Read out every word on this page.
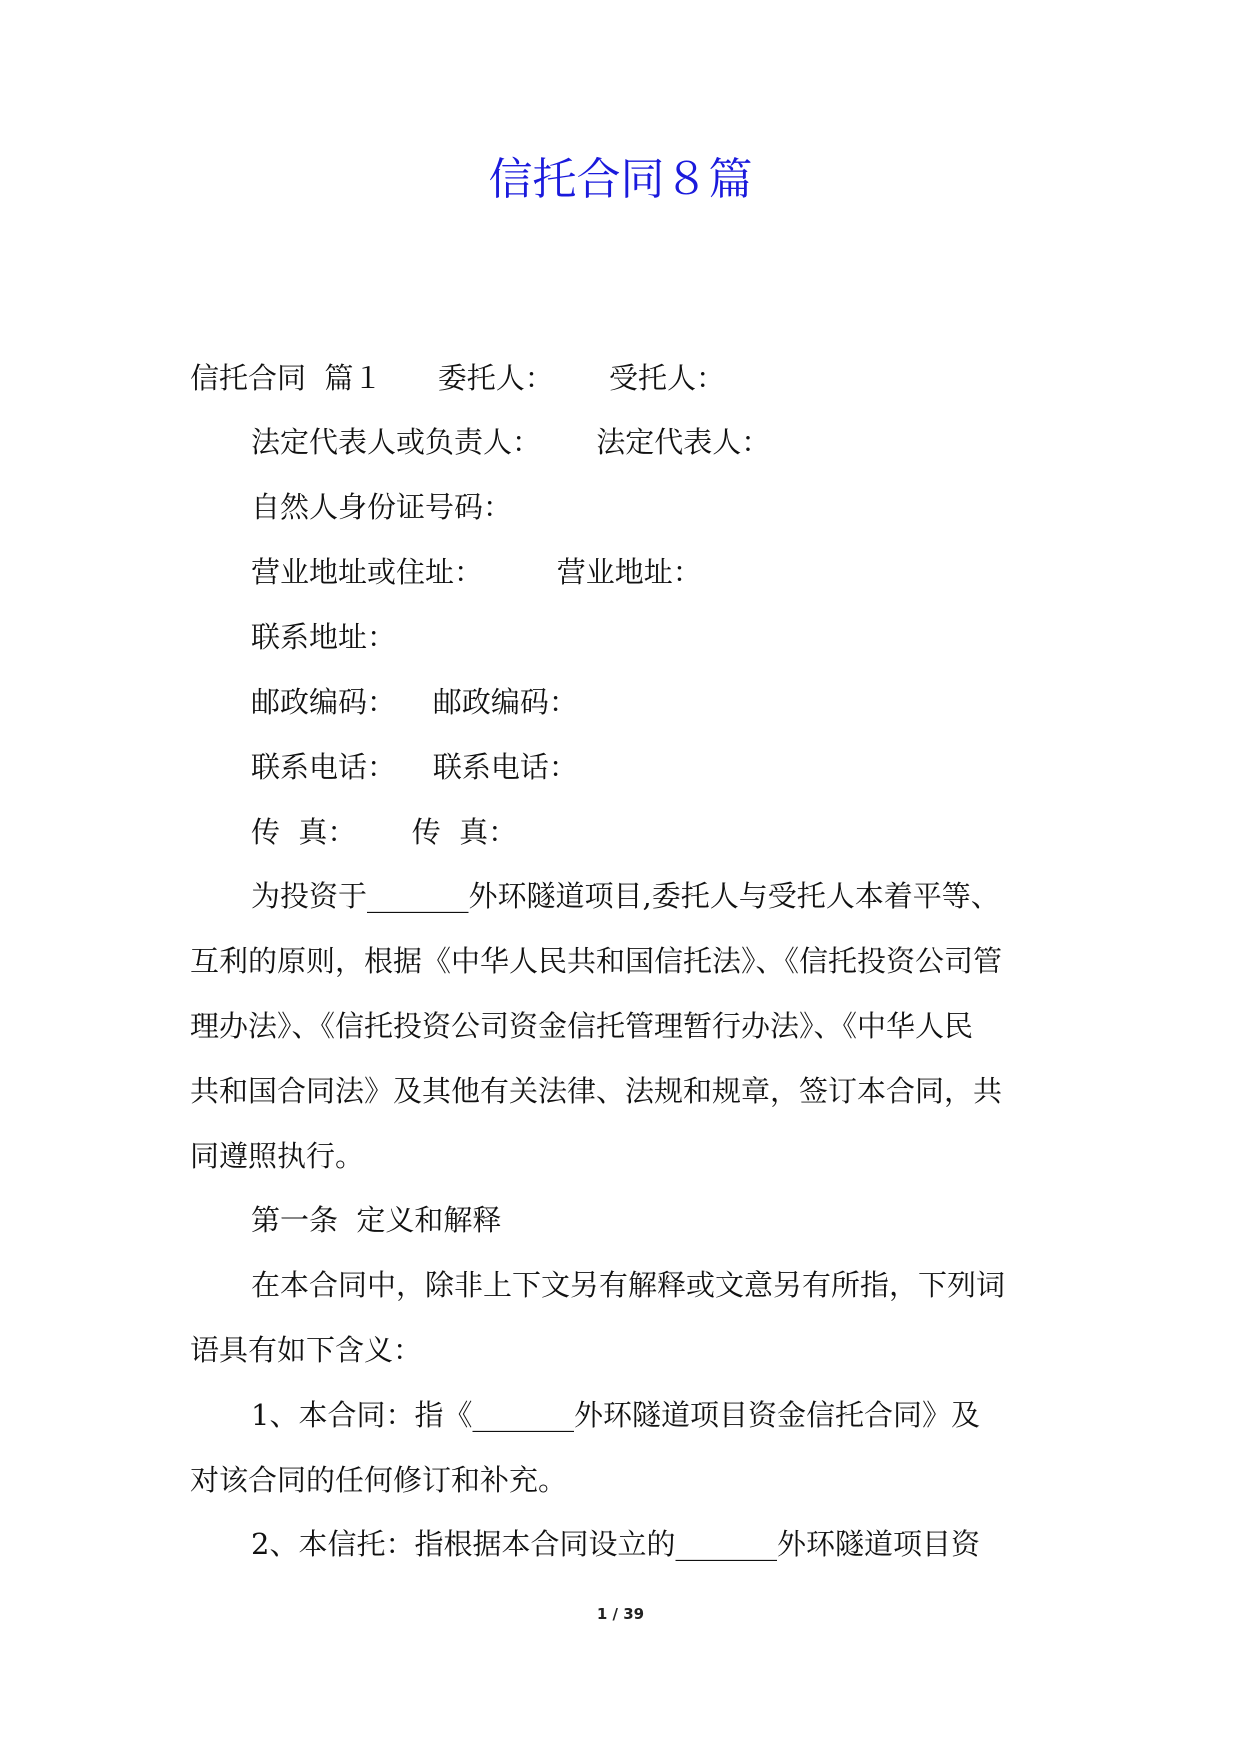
信托合同８篇

信托合同  篇１      委托人：      受托人：

法定代表人或负责人：      法定代表人：

自然人身份证号码：

营业地址或住址：        营业地址：

联系地址：

邮政编码：    邮政编码：

联系电话：    联系电话：

传  真：      传  真：

为投资于_______外环隧道项目,委托人与受托人本着平等、

互利的原则，根据《中华人民共和国信托法》、《信托投资公司管

理办法》、《信托投资公司资金信托管理暂行办法》、《中华人民

共和国合同法》及其他有关法律、法规和规章，签订本合同，共

同遵照执行。

第一条  定义和解释

在本合同中，除非上下文另有解释或文意另有所指，下列词

语具有如下含义：

1、本合同：指《_______外环隧道项目资金信托合同》及

对该合同的任何修订和补充。

2、本信托：指根据本合同设立的_______外环隧道项目资

1 / 39
